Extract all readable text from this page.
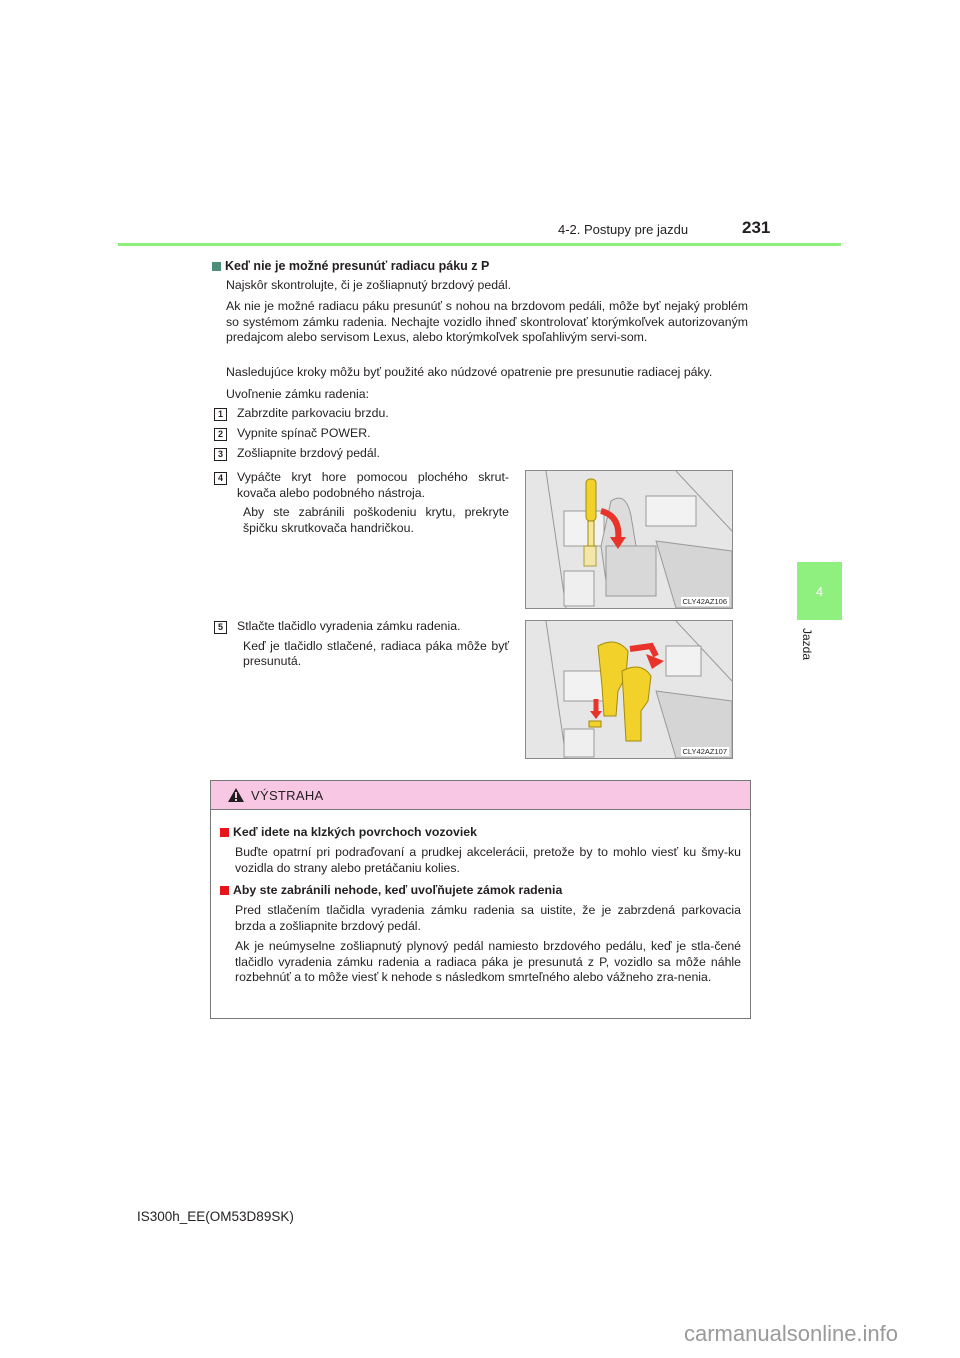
4-2. Postupy pre jazdu	231
4
Jazda
Keď nie je možné presunúť radiacu páku z P
Najskôr skontrolujte, či je zošliapnutý brzdový pedál.
Ak nie je možné radiacu páku presunúť s nohou na brzdovom pedáli, môže byť nejaký problém so systémom zámku radenia. Nechajte vozidlo ihneď skontrolovať ktorýmkoľvek autorizovaným predajcom alebo servisom Lexus, alebo ktorýmkoľvek spoľahlivým servi-som.
Nasledujúce kroky môžu byť použité ako núdzové opatrenie pre presunutie radiacej páky.
Uvoľnenie zámku radenia:
1	Zabrzdite parkovaciu brzdu.
2	Vypnite spínač POWER.
3	Zošliapnite brzdový pedál.
4	Vypáčte kryt hore pomocou plochého skrut-kovača alebo podobného nástroja.
Aby ste zabránili poškodeniu krytu, prekryte špičku skrutkovača handričkou.
5	Stlačte tlačidlo vyradenia zámku radenia.
Keď je tlačidlo stlačené, radiaca páka môže byť presunutá.
CLY42AZ106
CLY42AZ107
VÝSTRAHA
Keď idete na klzkých povrchoch vozoviek
Buďte opatrní pri podraďovaní a prudkej akcelerácii, pretože by to mohlo viesť ku šmy-ku vozidla do strany alebo pretáčaniu kolies.
Aby ste zabránili nehode, keď uvoľňujete zámok radenia
Pred stlačením tlačidla vyradenia zámku radenia sa uistite, že je zabrzdená parkovacia brzda a zošliapnite brzdový pedál.
Ak je neúmyselne zošliapnutý plynový pedál namiesto brzdového pedálu, keď je stla-čené tlačidlo vyradenia zámku radenia a radiaca páka je presunutá z P, vozidlo sa môže náhle rozbehnúť a to môže viesť k nehode s následkom smrteľného alebo vážneho zra-nenia.
IS300h_EE(OM53D89SK)
carmanualsonline.info
